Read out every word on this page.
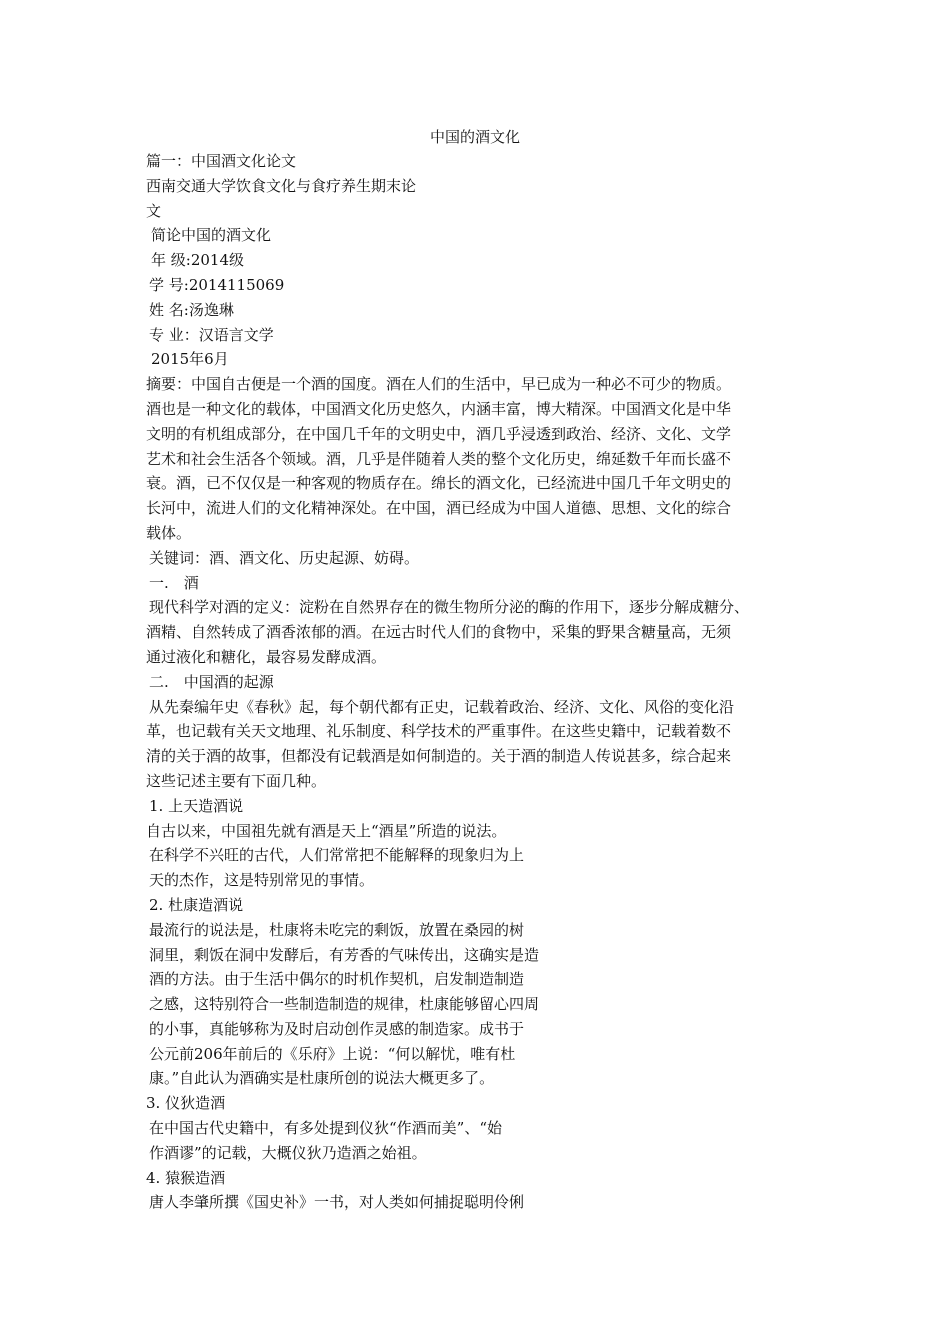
中国的酒文化
篇一：中国酒文化论文
西南交通大学饮食文化与食疗养生期末论
文
简论中国的酒文化
年 级:2014级
学 号:2014115069
姓 名:汤逸琳
专 业：汉语言文学
2015年6月
摘要：中国自古便是一个酒的国度。酒在人们的生活中，早已成为一种必不可少的物质。
酒也是一种文化的载体，中国酒文化历史悠久，内涵丰富，博大精深。中国酒文化是中华
文明的有机组成部分，在中国几千年的文明史中，酒几乎浸透到政治、经济、文化、文学
艺术和社会生活各个领域。酒，几乎是伴随着人类的整个文化历史，绵延数千年而长盛不
衰。酒，已不仅仅是一种客观的物质存在。绵长的酒文化，已经流进中国几千年文明史的
长河中，流进人们的文化精神深处。在中国，酒已经成为中国人道德、思想、文化的综合
载体。
关键词：酒、酒文化、历史起源、妨碍。
一.　酒
现代科学对酒的定义：淀粉在自然界存在的微生物所分泌的酶的作用下，逐步分解成糖分、
酒精、自然转成了酒香浓郁的酒。在远古时代人们的食物中，采集的野果含糖量高，无须
通过液化和糖化，最容易发酵成酒。
二.　中国酒的起源
从先秦编年史《春秋》起，每个朝代都有正史，记载着政治、经济、文化、风俗的变化沿
革，也记载有关天文地理、礼乐制度、科学技术的严重事件。在这些史籍中，记载着数不
清的关于酒的故事，但都没有记载酒是如何制造的。关于酒的制造人传说甚多，综合起来
这些记述主要有下面几种。
1. 上天造酒说
自古以来，中国祖先就有酒是天上“酒星”所造的说法。
在科学不兴旺的古代，人们常常把不能解释的现象归为上
天的杰作，这是特别常见的事情。
2. 杜康造酒说
最流行的说法是，杜康将未吃完的剩饭，放置在桑园的树
洞里，剩饭在洞中发酵后，有芳香的气味传出，这确实是造
酒的方法。由于生活中偶尔的时机作契机，启发制造制造
之感，这特别符合一些制造制造的规律，杜康能够留心四周
的小事，真能够称为及时启动创作灵感的制造家。成书于
公元前206年前后的《乐府》上说：“何以解忧，唯有杜
康。”自此认为酒确实是杜康所创的说法大概更多了。
3. 仪狄造酒
在中国古代史籍中，有多处提到仪狄“作酒而美”、“始
作酒谬”的记载，大概仪狄乃造酒之始祖。
4. 猿猴造酒
唐人李肇所撰《国史补》一书，对人类如何捕捉聪明伶俐
